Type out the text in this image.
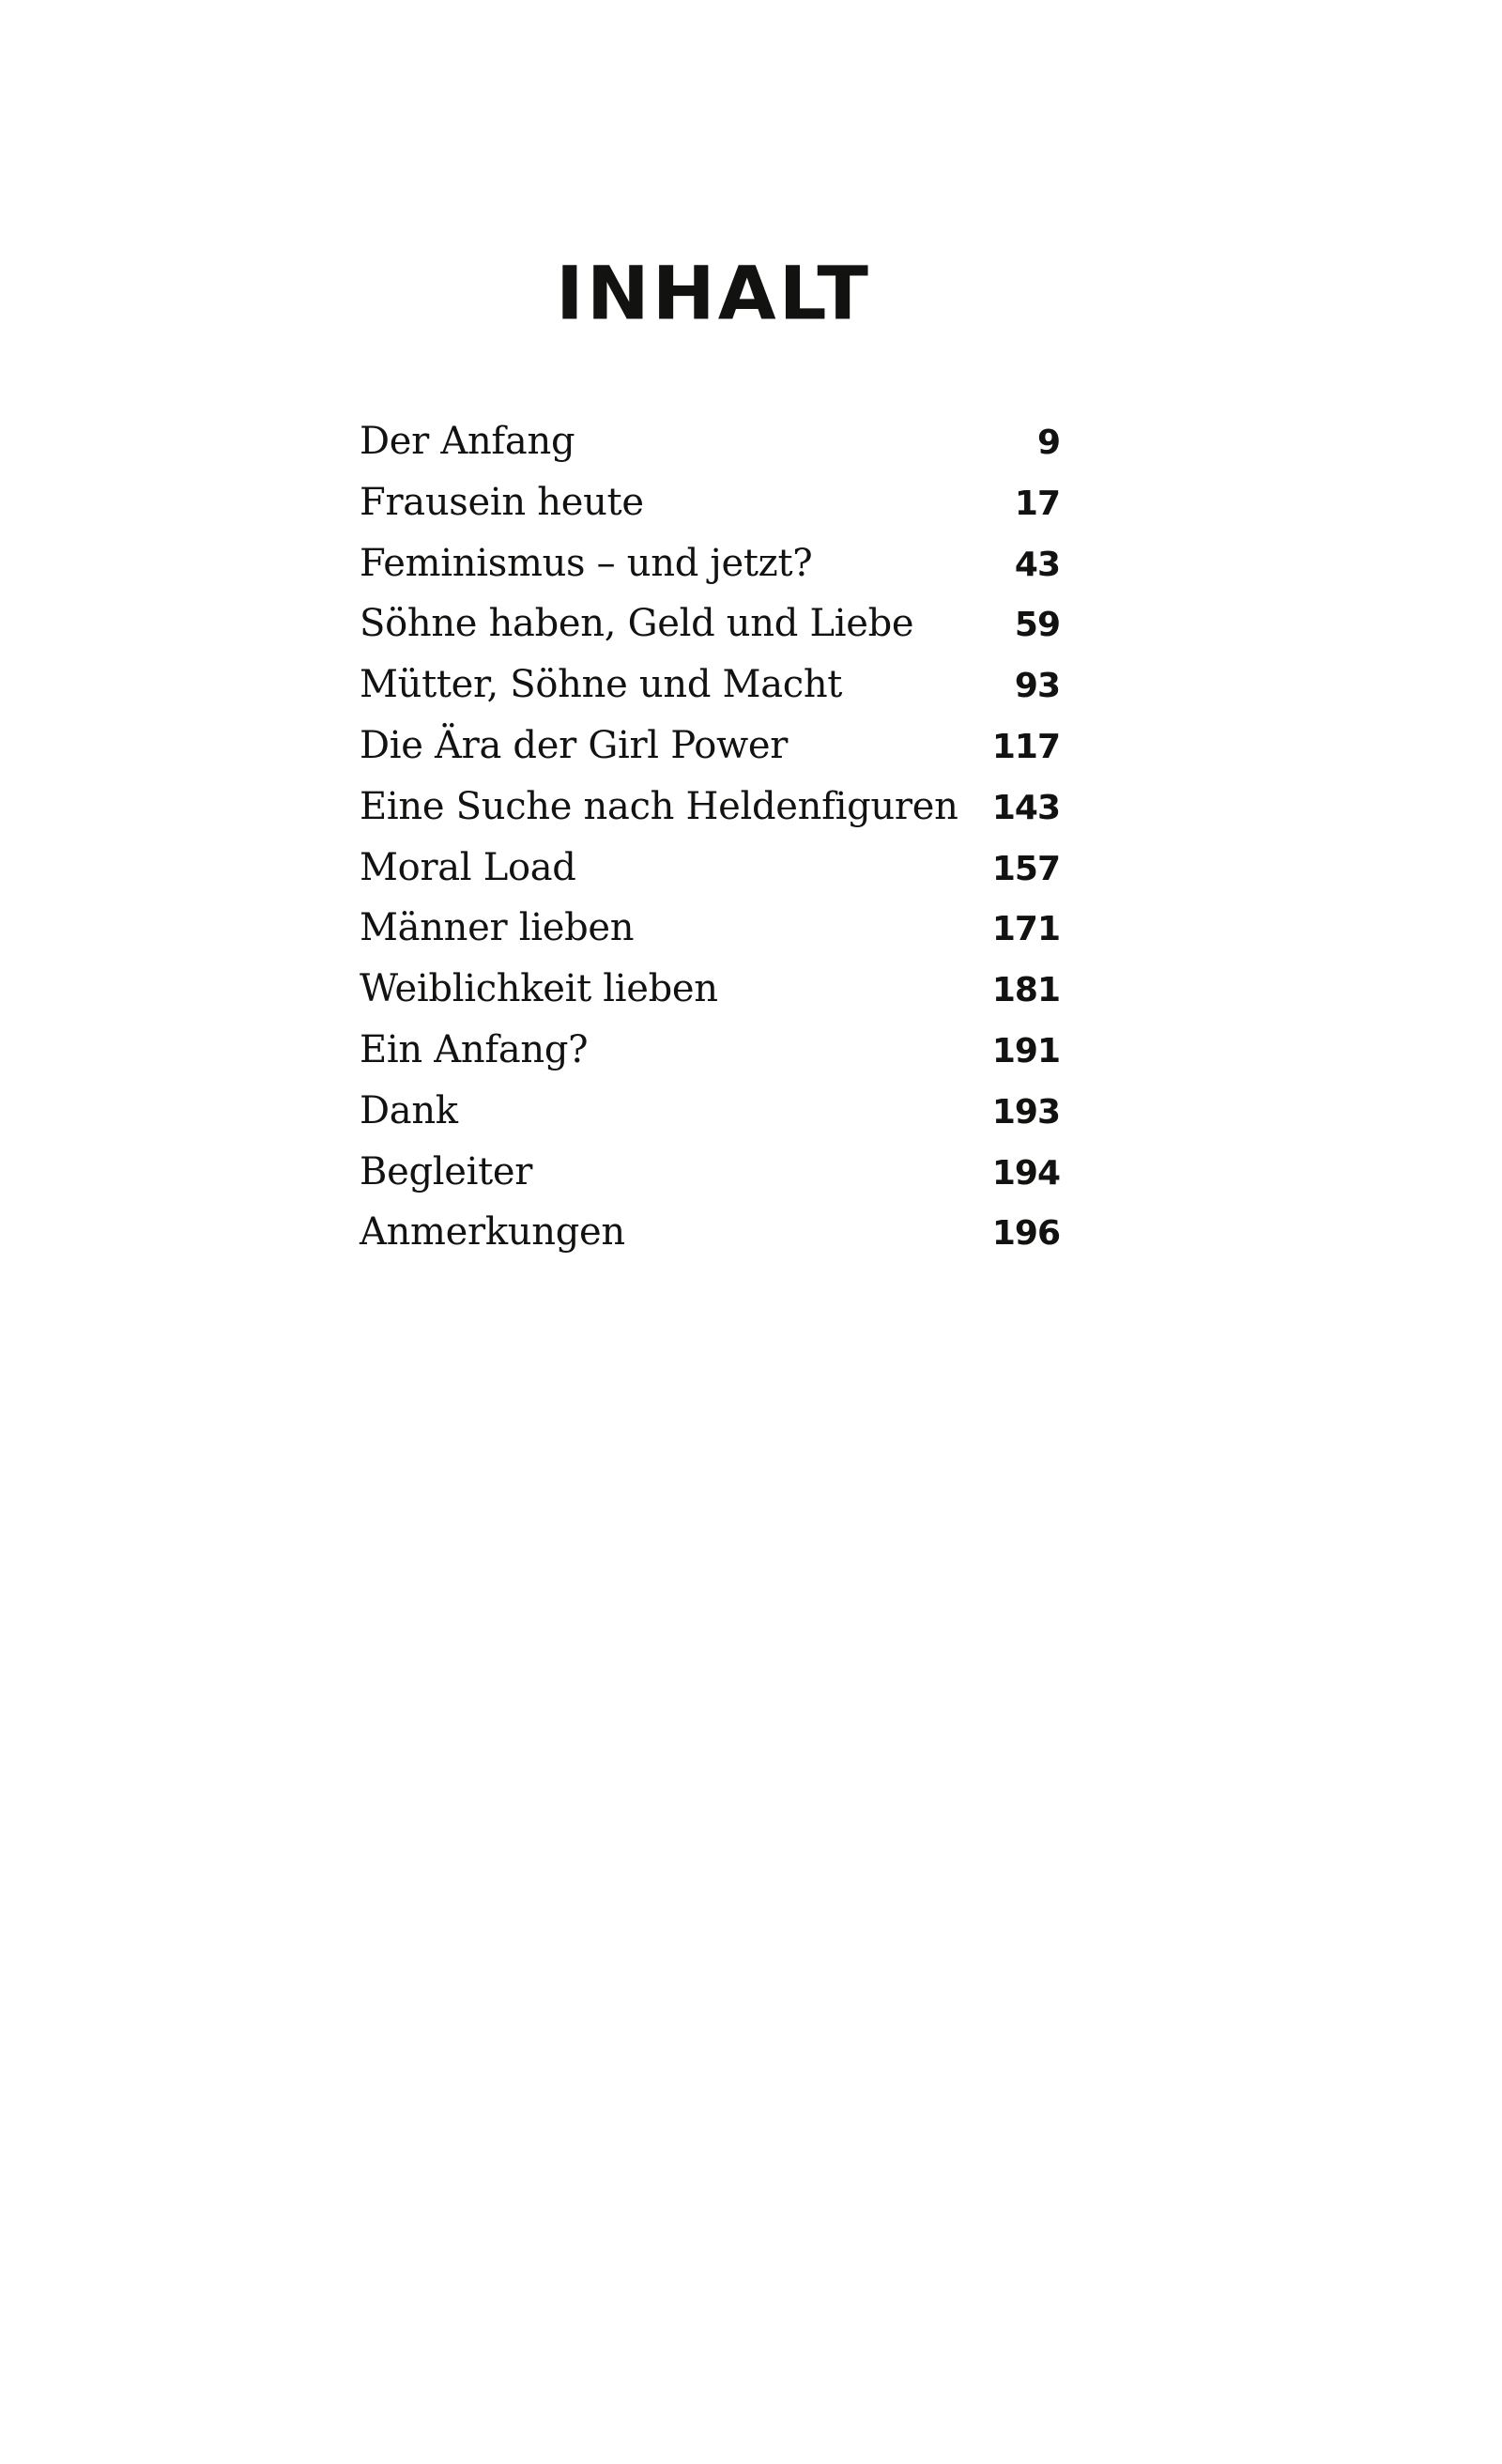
INHALT
Der Anfang	9
Frausein heute	17
Feminismus – und jetzt?	43
Söhne haben, Geld und Liebe	59
Mütter, Söhne und Macht	93
Die Ära der Girl Power	117
Eine Suche nach Heldenfiguren 143
Moral Load	157
Männer lieben	171
Weiblichkeit lieben	181
Ein Anfang?	191
Dank	193
Begleiter	194
Anmerkungen	196
